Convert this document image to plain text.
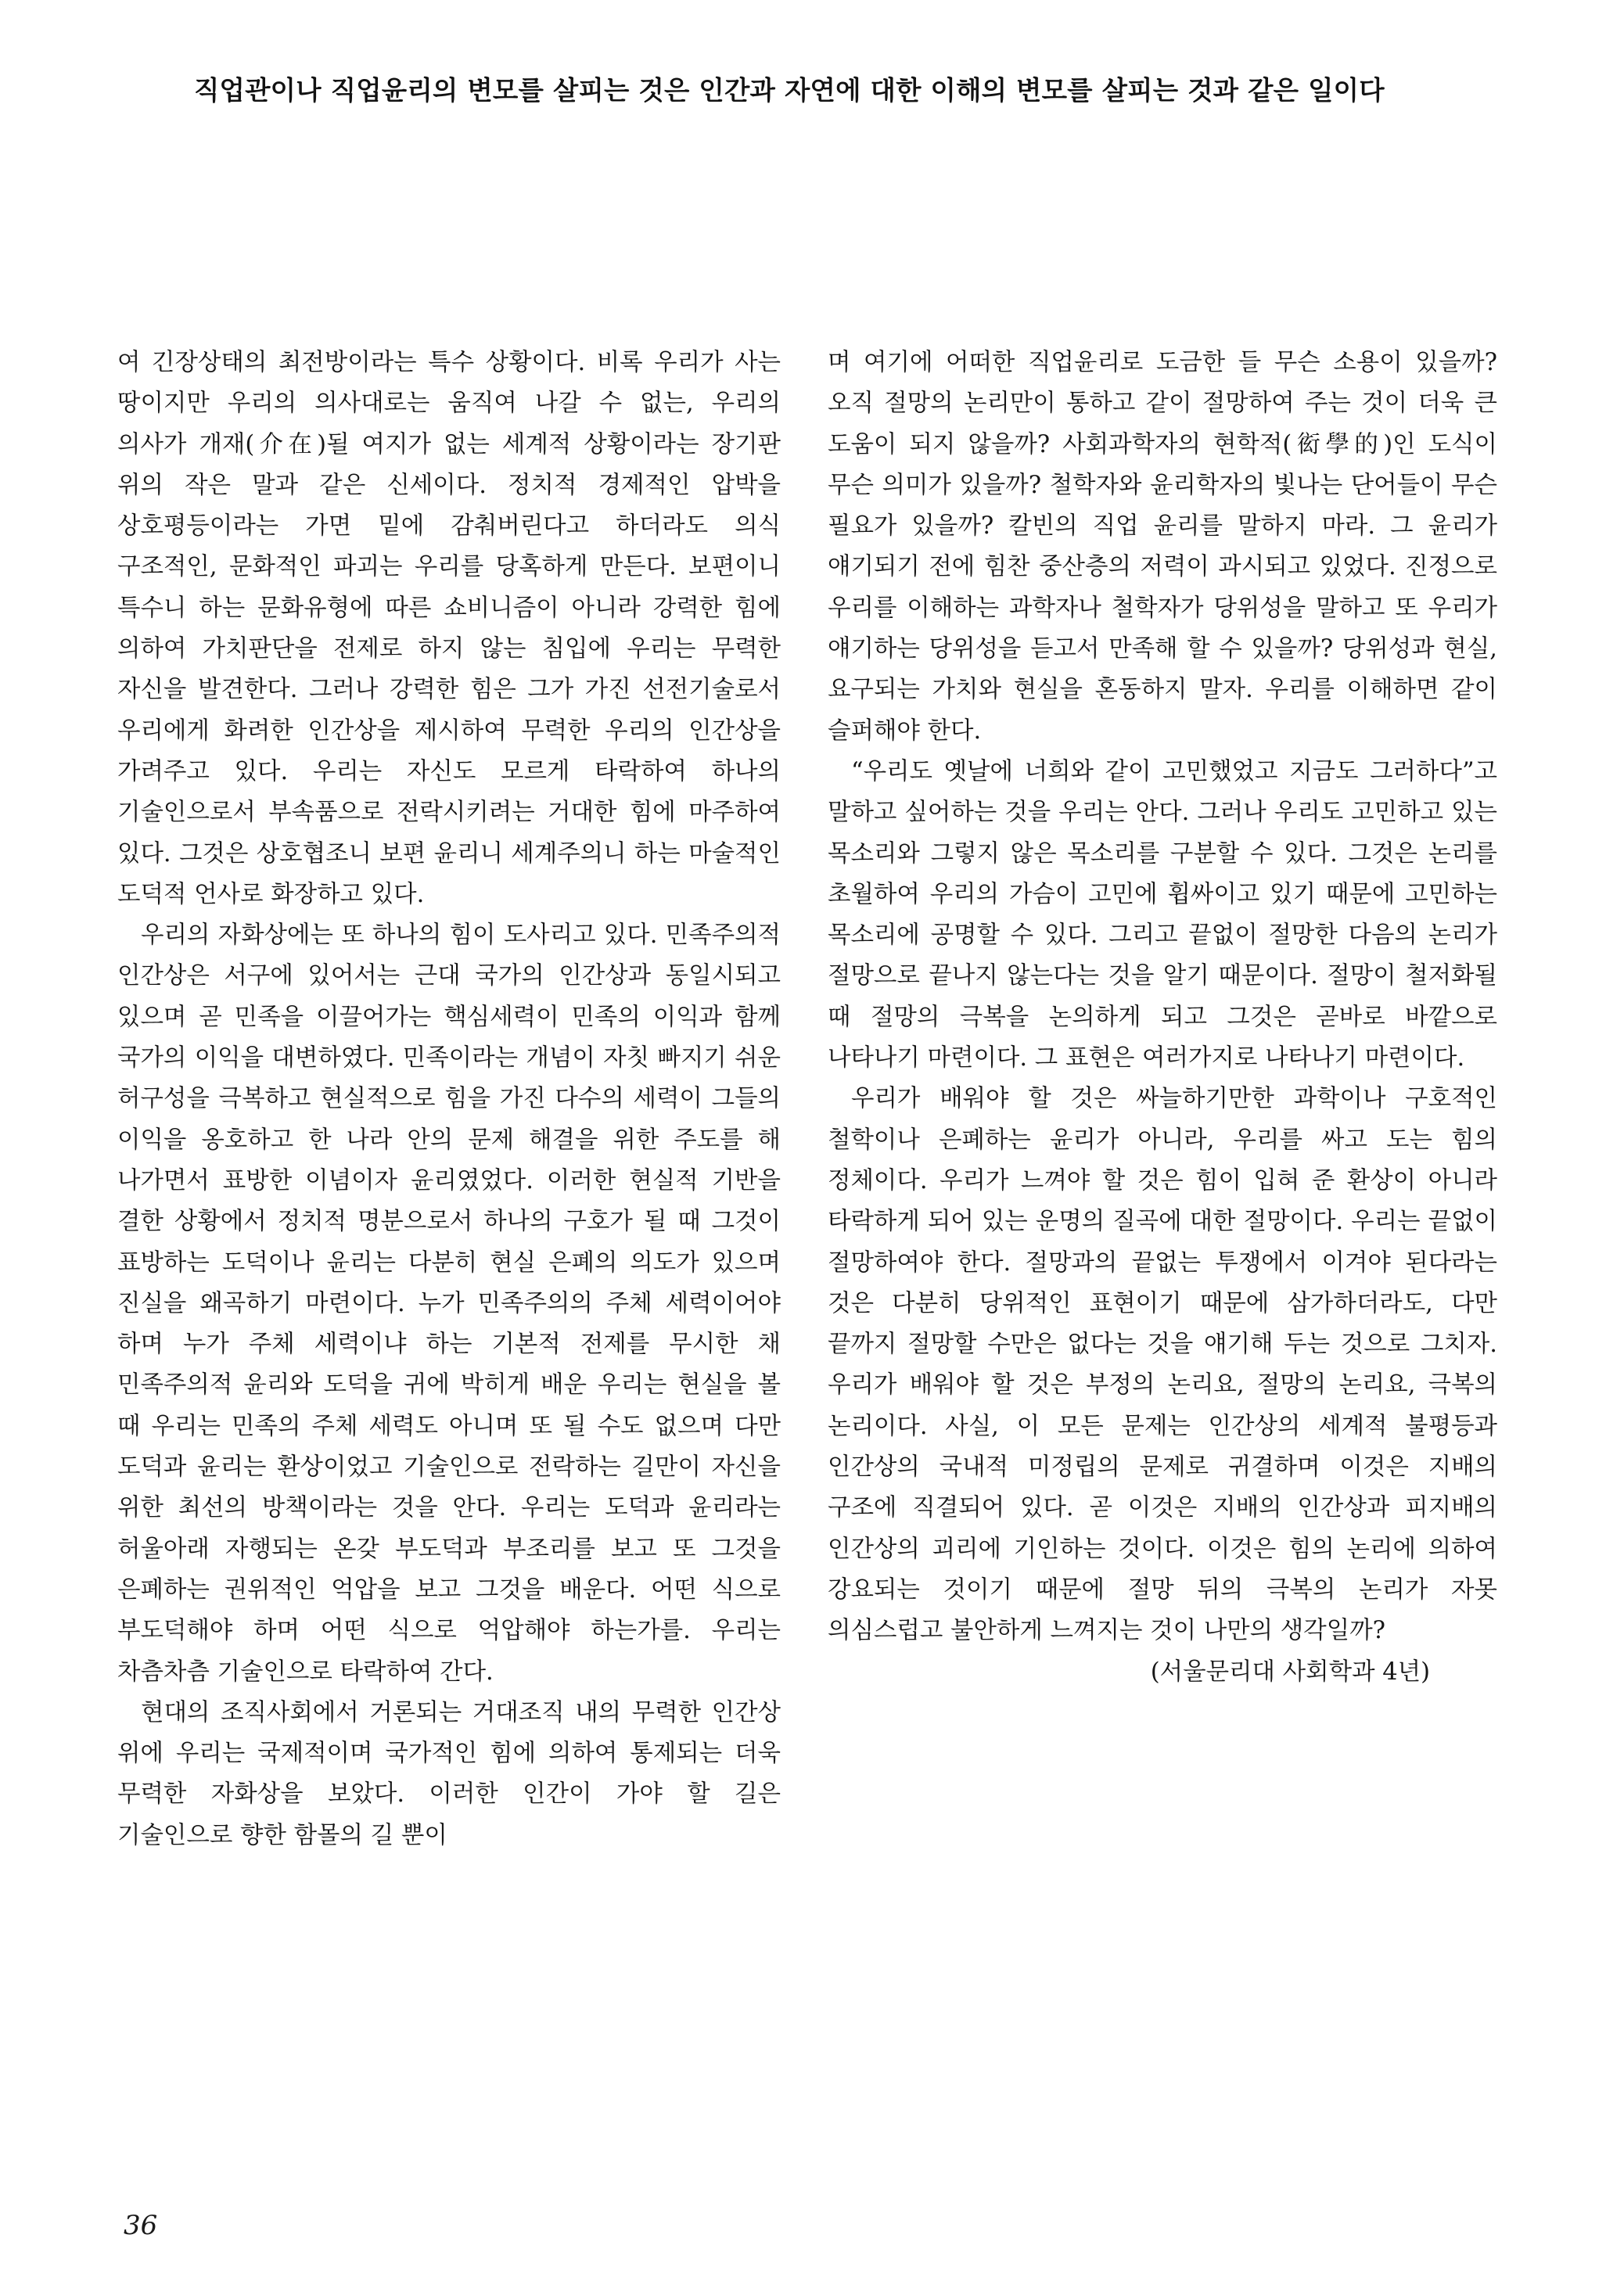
직업관이나 직업윤리의 변모를 살피는 것은 인간과 자연에 대한 이해의 변모를 살피는 것과 같은 일이다

여 긴장상태의 최전방이라는 특수 상황이다. 비록 우리가 사는 땅이지만 우리의 의사대로는 움직여 나갈 수 없는, 우리의 의사가 개재(介在)될 여지가 없는 세계적 상황이라는 장기판 위의 작은 말과 같은 신세이다. 정치적 경제적인 압박을 상호평등이라는 가면 밑에 감춰버린다고 하더라도 의식 구조적인, 문화적인 파괴는 우리를 당혹하게 만든다. 보편이니 특수니 하는 문화유형에 따른 쇼비니즘이 아니라 강력한 힘에 의하여 가치판단을 전제로 하지 않는 침입에 우리는 무력한 자신을 발견한다. 그러나 강력한 힘은 그가 가진 선전기술로서 우리에게 화려한 인간상을 제시하여 무력한 우리의 인간상을 가려주고 있다. 우리는 자신도 모르게 타락하여 하나의 기술인으로서 부속품으로 전락시키려는 거대한 힘에 마주하여 있다. 그것은 상호협조니 보편 윤리니 세계주의니 하는 마술적인 도덕적 언사로 화장하고 있다.

우리의 자화상에는 또 하나의 힘이 도사리고 있다. 민족주의적 인간상은 서구에 있어서는 근대 국가의 인간상과 동일시되고 있으며 곧 민족을 이끌어가는 핵심세력이 민족의 이익과 함께 국가의 이익을 대변하였다. 민족이라는 개념이 자칫 빠지기 쉬운 허구성을 극복하고 현실적으로 힘을 가진 다수의 세력이 그들의 이익을 옹호하고 한 나라 안의 문제 해결을 위한 주도를 해 나가면서 표방한 이념이자 윤리였었다. 이러한 현실적 기반을 결한 상황에서 정치적 명분으로서 하나의 구호가 될 때 그것이 표방하는 도덕이나 윤리는 다분히 현실 은폐의 의도가 있으며 진실을 왜곡하기 마련이다. 누가 민족주의의 주체 세력이어야 하며 누가 주체 세력이냐 하는 기본적 전제를 무시한 채 민족주의적 윤리와 도덕을 귀에 박히게 배운 우리는 현실을 볼 때 우리는 민족의 주체 세력도 아니며 또 될 수도 없으며 다만 도덕과 윤리는 환상이었고 기술인으로 전락하는 길만이 자신을 위한 최선의 방책이라는 것을 안다. 우리는 도덕과 윤리라는 허울아래 자행되는 온갖 부도덕과 부조리를 보고 또 그것을 은폐하는 권위적인 억압을 보고 그것을 배운다. 어떤 식으로 부도덕해야 하며 어떤 식으로 억압해야 하는가를. 우리는 차츰차츰 기술인으로 타락하여 간다.

현대의 조직사회에서 거론되는 거대조직 내의 무력한 인간상 위에 우리는 국제적이며 국가적인 힘에 의하여 통제되는 더욱 무력한 자화상을 보았다. 이러한 인간이 가야 할 길은 기술인으로 향한 함몰의 길 뿐이

며 여기에 어떠한 직업윤리로 도금한 들 무슨 소용이 있을까? 오직 절망의 논리만이 통하고 같이 절망하여 주는 것이 더욱 큰 도움이 되지 않을까? 사회과학자의 현학적(衒學的)인 도식이 무슨 의미가 있을까? 철학자와 윤리학자의 빛나는 단어들이 무슨 필요가 있을까? 칼빈의 직업 윤리를 말하지 마라. 그 윤리가 얘기되기 전에 힘찬 중산층의 저력이 과시되고 있었다. 진정으로 우리를 이해하는 과학자나 철학자가 당위성을 말하고 또 우리가 얘기하는 당위성을 듣고서 만족해 할 수 있을까? 당위성과 현실, 요구되는 가치와 현실을 혼동하지 말자. 우리를 이해하면 같이 슬퍼해야 한다.

“우리도 옛날에 너희와 같이 고민했었고 지금도 그러하다”고 말하고 싶어하는 것을 우리는 안다. 그러나 우리도 고민하고 있는 목소리와 그렇지 않은 목소리를 구분할 수 있다. 그것은 논리를 초월하여 우리의 가슴이 고민에 휩싸이고 있기 때문에 고민하는 목소리에 공명할 수 있다. 그리고 끝없이 절망한 다음의 논리가 절망으로 끝나지 않는다는 것을 알기 때문이다. 절망이 철저화될 때 절망의 극복을 논의하게 되고 그것은 곧바로 바깥으로 나타나기 마련이다. 그 표현은 여러가지로 나타나기 마련이다.

우리가 배워야 할 것은 싸늘하기만한 과학이나 구호적인 철학이나 은폐하는 윤리가 아니라, 우리를 싸고 도는 힘의 정체이다. 우리가 느껴야 할 것은 힘이 입혀 준 환상이 아니라 타락하게 되어 있는 운명의 질곡에 대한 절망이다. 우리는 끝없이 절망하여야 한다. 절망과의 끝없는 투쟁에서 이겨야 된다라는 것은 다분히 당위적인 표현이기 때문에 삼가하더라도, 다만 끝까지 절망할 수만은 없다는 것을 얘기해 두는 것으로 그치자. 우리가 배워야 할 것은 부정의 논리요, 절망의 논리요, 극복의 논리이다. 사실, 이 모든 문제는 인간상의 세계적 불평등과 인간상의 국내적 미정립의 문제로 귀결하며 이것은 지배의 구조에 직결되어 있다. 곧 이것은 지배의 인간상과 피지배의 인간상의 괴리에 기인하는 것이다. 이것은 힘의 논리에 의하여 강요되는 것이기 때문에 절망 뒤의 극복의 논리가 자못 의심스럽고 불안하게 느껴지는 것이 나만의 생각일까?

(서울문리대 사회학과 4년)

36
